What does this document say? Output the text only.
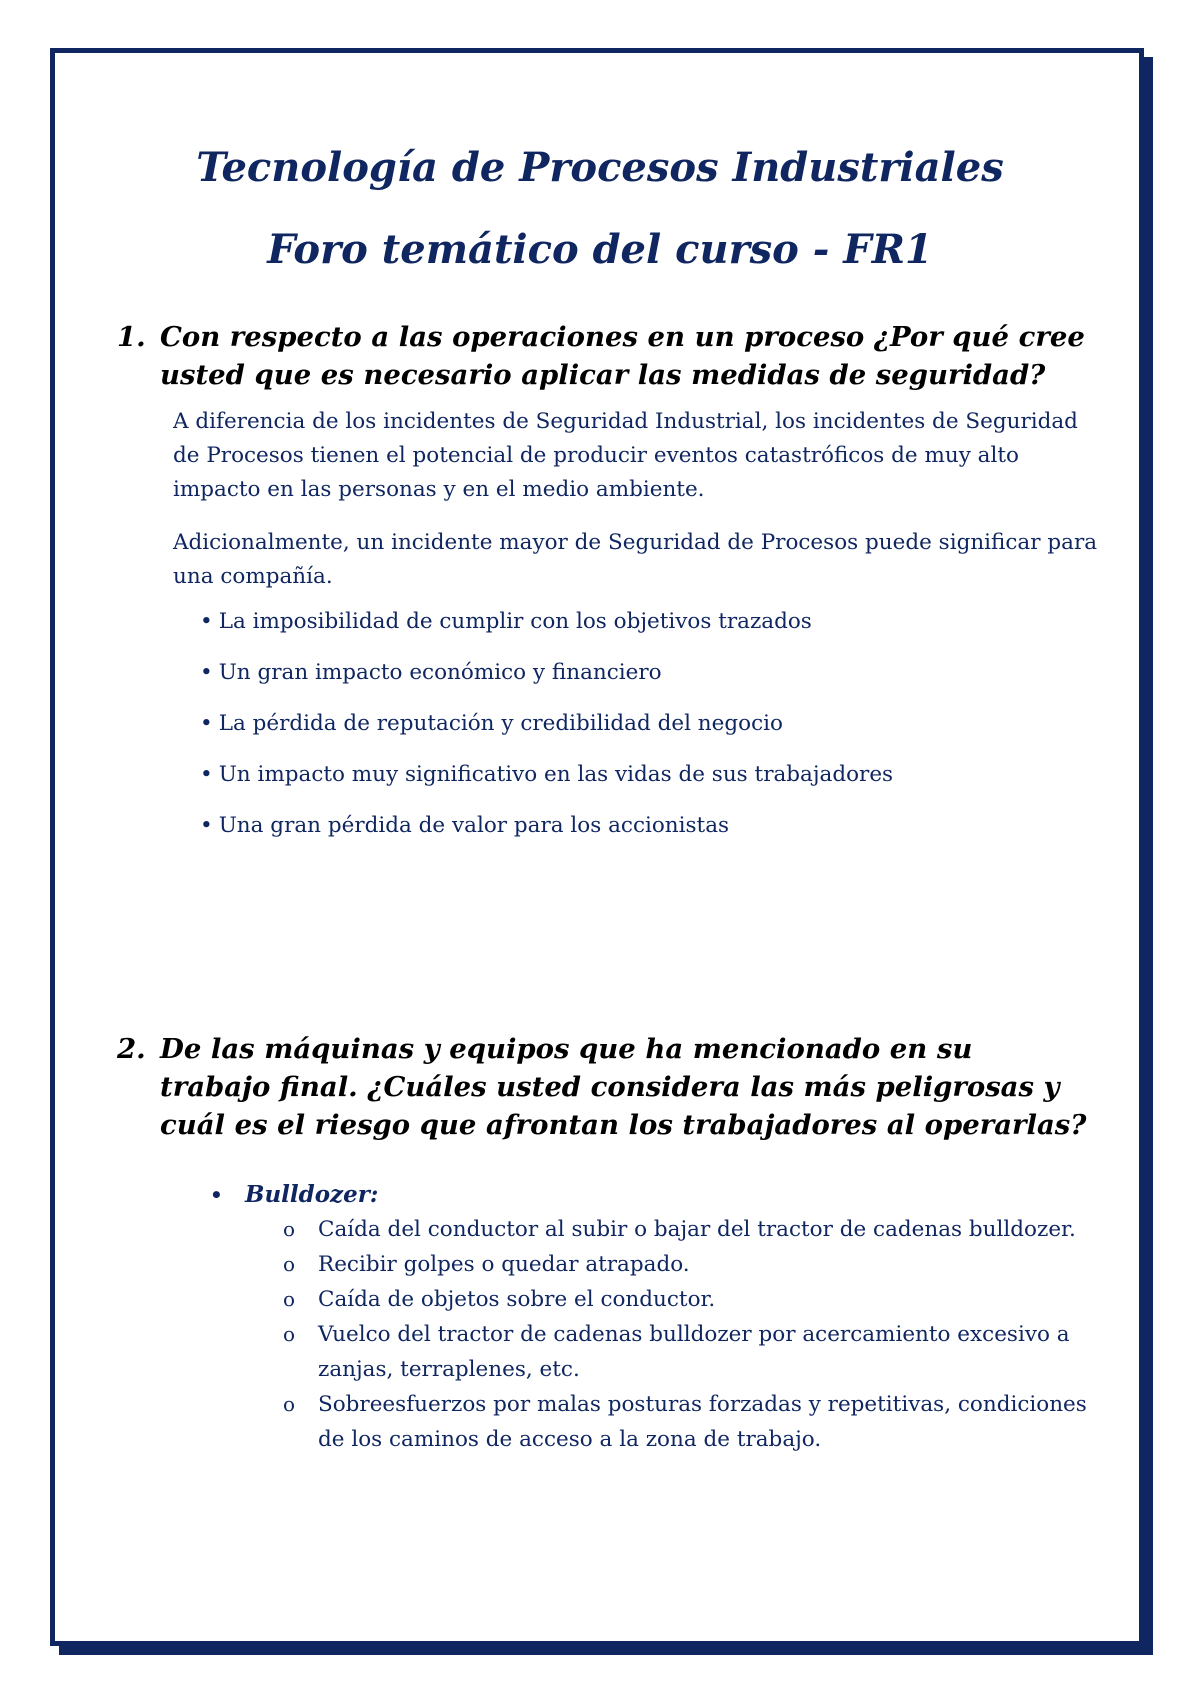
Tecnología de Procesos Industriales
Foro temático del curso - FR1
1. Con respecto a las operaciones en un proceso ¿Por qué cree usted que es necesario aplicar las medidas de seguridad?

A diferencia de los incidentes de Seguridad Industrial, los incidentes de Seguridad de Procesos tienen el potencial de producir eventos catastróficos de muy alto impacto en las personas y en el medio ambiente.

Adicionalmente, un incidente mayor de Seguridad de Procesos puede significar para una compañía.

• La imposibilidad de cumplir con los objetivos trazados
• Un gran impacto económico y financiero
• La pérdida de reputación y credibilidad del negocio
• Un impacto muy significativo en las vidas de sus trabajadores
• Una gran pérdida de valor para los accionistas
2. De las máquinas y equipos que ha mencionado en su trabajo final. ¿Cuáles usted considera las más peligrosas y cuál es el riesgo que afrontan los trabajadores al operarlas?
• Bulldozer:
o Caída del conductor al subir o bajar del tractor de cadenas bulldozer.
o Recibir golpes o quedar atrapado.
o Caída de objetos sobre el conductor.
o Vuelco del tractor de cadenas bulldozer por acercamiento excesivo a zanjas, terraplenes, etc.
o Sobreesfuerzos por malas posturas forzadas y repetitivas, condiciones de los caminos de acceso a la zona de trabajo.
